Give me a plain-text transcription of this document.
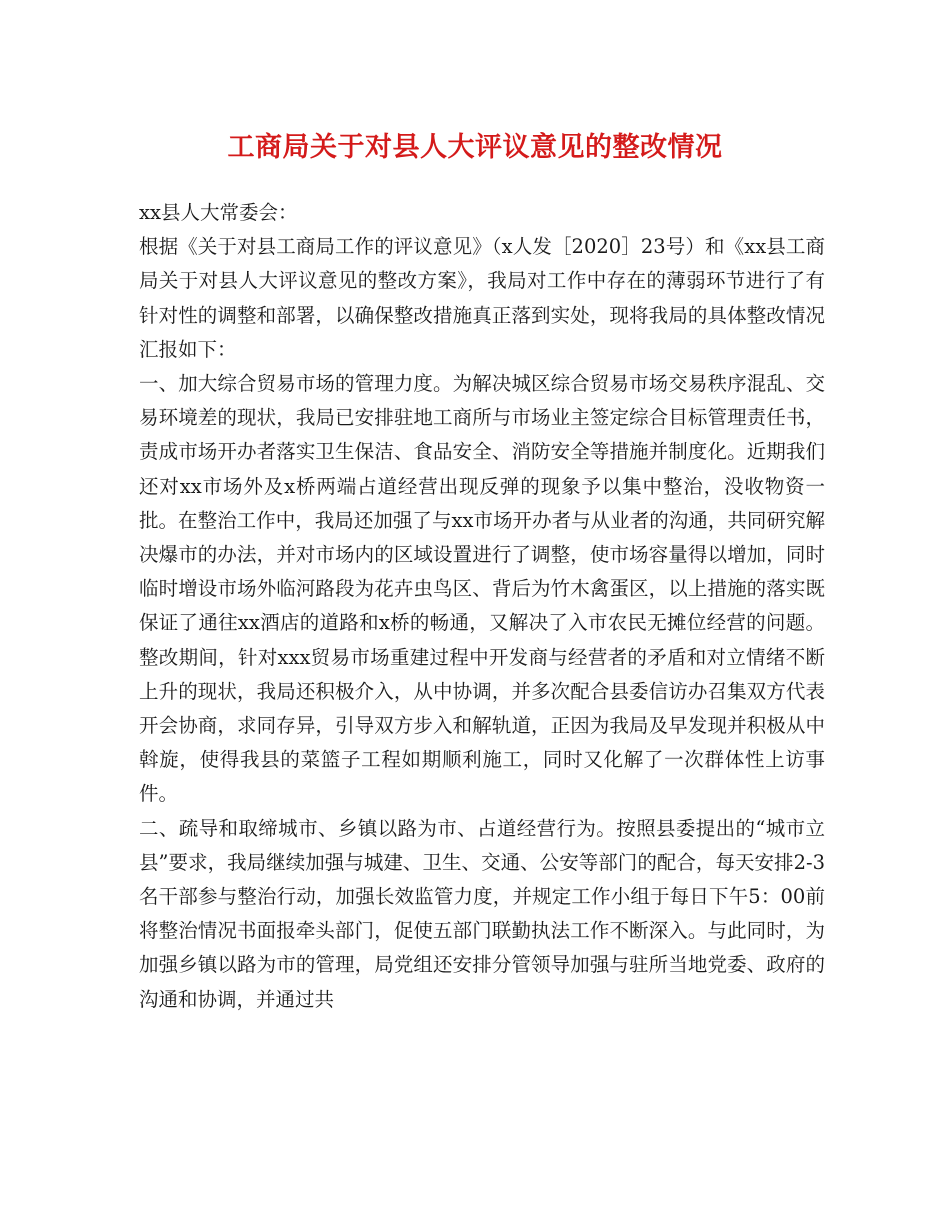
工商局关于对县人大评议意见的整改情况

xx县人大常委会：

根据《关于对县工商局工作的评议意见》（x人发［2020］23号）和《xx县工商局关于对县人大评议意见的整改方案》，我局对工作中存在的薄弱环节进行了有针对性的调整和部署，以确保整改措施真正落到实处，现将我局的具体整改情况汇报如下：

一、加大综合贸易市场的管理力度。为解决城区综合贸易市场交易秩序混乱、交易环境差的现状，我局已安排驻地工商所与市场业主签定综合目标管理责任书，责成市场开办者落实卫生保洁、食品安全、消防安全等措施并制度化。近期我们还对xx市场外及x桥两端占道经营出现反弹的现象予以集中整治，没收物资一批。在整治工作中，我局还加强了与xx市场开办者与从业者的沟通，共同研究解决爆市的办法，并对市场内的区域设置进行了调整，使市场容量得以增加，同时临时增设市场外临河路段为花卉虫鸟区、背后为竹木禽蛋区，以上措施的落实既保证了通往xx酒店的道路和x桥的畅通，又解决了入市农民无摊位经营的问题。整改期间，针对xxx贸易市场重建过程中开发商与经营者的矛盾和对立情绪不断上升的现状，我局还积极介入，从中协调，并多次配合县委信访办召集双方代表开会协商，求同存异，引导双方步入和解轨道，正因为我局及早发现并积极从中斡旋，使得我县的菜篮子工程如期顺利施工，同时又化解了一次群体性上访事件。

二、疏导和取缔城市、乡镇以路为市、占道经营行为。按照县委提出的“城市立县”要求，我局继续加强与城建、卫生、交通、公安等部门的配合，每天安排2-3名干部参与整治行动，加强长效监管力度，并规定工作小组于每日下午5：00前将整治情况书面报牵头部门，促使五部门联勤执法工作不断深入。与此同时，为加强乡镇以路为市的管理，局党组还安排分管领导加强与驻所当地党委、政府的沟通和协调，并通过共
